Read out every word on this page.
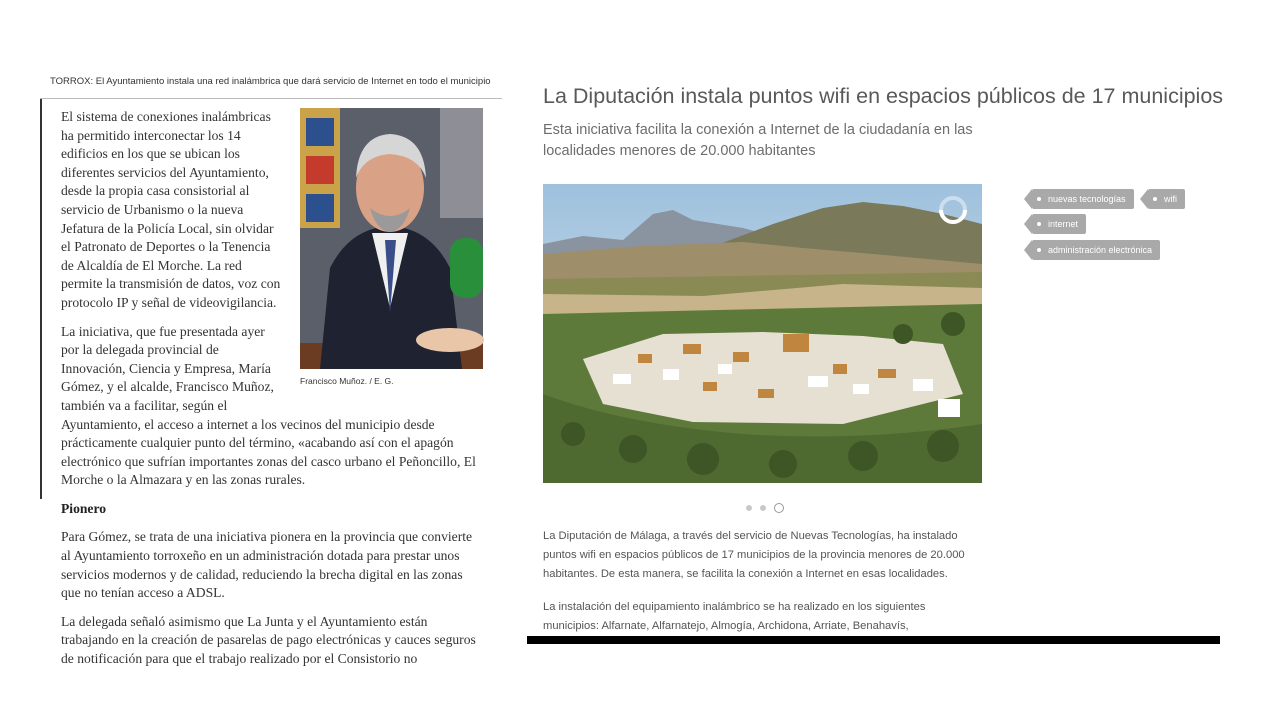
TORROX: El Ayuntamiento instala una red inalámbrica que dará servicio de Internet en todo el municipio
Francisco Muñoz. / E. G.

El sistema de conexiones inalámbricas ha permitido interconectar los 14 edificios en los que se ubican los diferentes servicios del Ayuntamiento, desde la propia casa consistorial al servicio de Urbanismo o la nueva Jefatura de la Policía Local, sin olvidar el Patronato de Deportes o la Tenencia de Alcaldía de El Morche. La red permite la transmisión de datos, voz con protocolo IP y señal de videovigilancia.

La iniciativa, que fue presentada ayer por la delegada provincial de Innovación, Ciencia y Empresa, María Gómez, y el alcalde, Francisco Muñoz, también va a facilitar, según el Ayuntamiento, el acceso a internet a los vecinos del municipio desde prácticamente cualquier punto del término, «acabando así con el apagón electrónico que sufrían importantes zonas del casco urbano el Peñoncillo, El Morche o la Almazara y en las zonas rurales.

Pionero

Para Gómez, se trata de una iniciativa pionera en la provincia que convierte al Ayuntamiento torroxeño en un administración dotada para prestar unos servicios modernos y de calidad, reduciendo la brecha digital en las zonas que no tenían acceso a ADSL.

La delegada señaló asimismo que La Junta y el Ayuntamiento están trabajando en la creación de pasarelas de pago electrónicas y cauces seguros de notificación para que el trabajo realizado por el Consistorio no

La Diputación instala puntos wifi en espacios públicos de 17 municipios
Esta iniciativa facilita la conexión a Internet de la ciudadanía en las localidades menores de 20.000 habitantes
nuevas tecnologías	wifi
internet
administración electrónica
La Diputación de Málaga, a través del servicio de Nuevas Tecnologías, ha instalado puntos wifi en espacios públicos de 17 municipios de la provincia menores de 20.000 habitantes. De esta manera, se facilita la conexión a Internet en esas localidades.
La instalación del equipamiento inalámbrico se ha realizado en los siguientes municipios: Alfarnate, Alfarnatejo, Almogía, Archidona, Arriate, Benahavís,
